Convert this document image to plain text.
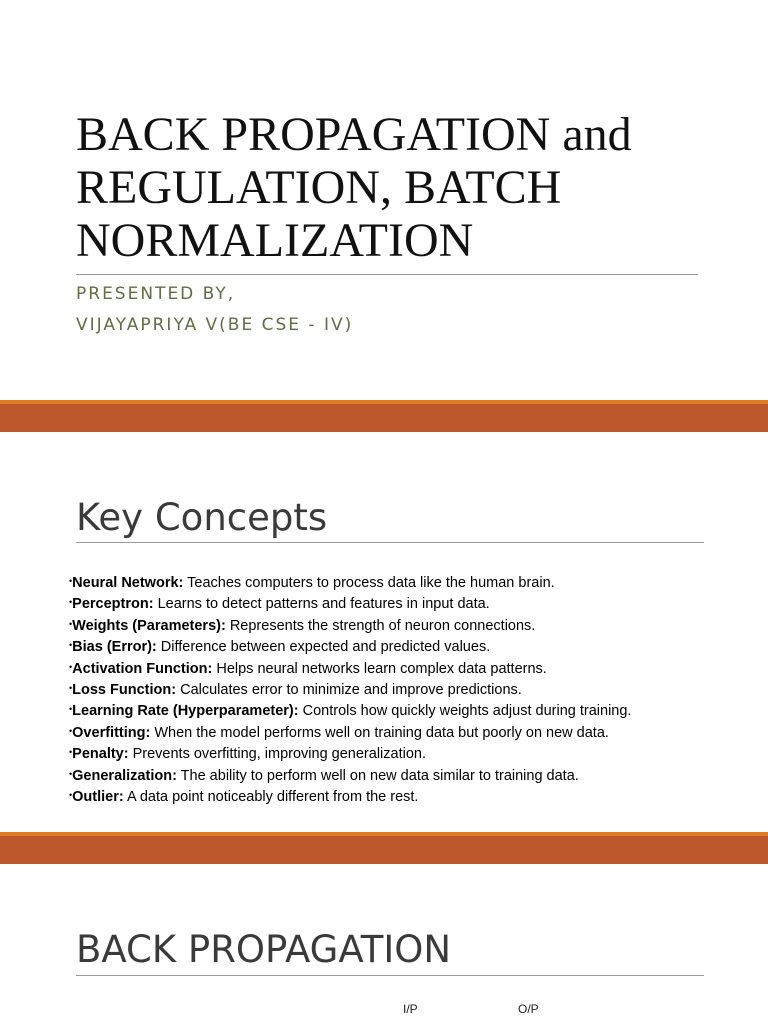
BACK PROPAGATION and
REGULATION, BATCH
NORMALIZATION

PRESENTED BY,

VIJAYAPRIYA V(BE CSE - IV)

Key Concepts
•Neural Network: Teaches computers to process data like the human brain.
•Perceptron: Learns to detect patterns and features in input data.
•Weights (Parameters): Represents the strength of neuron connections.
•Bias (Error): Difference between expected and predicted values.
•Activation Function: Helps neural networks learn complex data patterns.
•Loss Function: Calculates error to minimize and improve predictions.
•Learning Rate (Hyperparameter): Controls how quickly weights adjust during training.
•Overfitting: When the model performs well on training data but poorly on new data.
•Penalty: Prevents overfitting, improving generalization.
•Generalization: The ability to perform well on new data similar to training data.
•Outlier: A data point noticeably different from the rest.
BACK PROPAGATION
I/P	O/P
